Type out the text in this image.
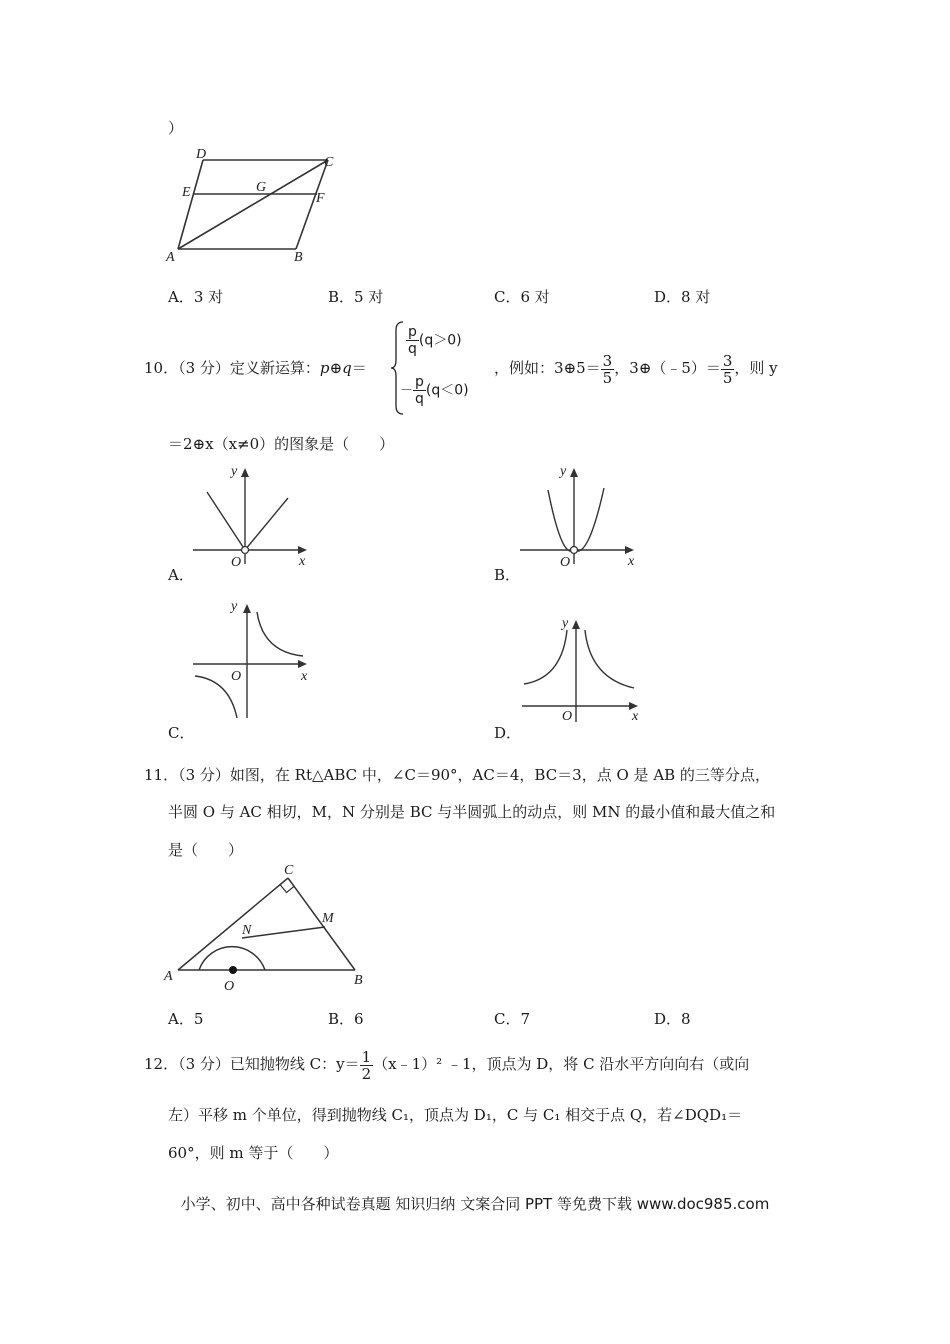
）
D
C
E	G
F
A	B
A．3 对	B．5 对	C．6 对	D．8 对
10．（3 分）定义新运算：p⊕q＝
$\frac{p}{q} (q>0)$
－ $\frac{p}{q} (q<0)$
，例如：3⊕5＝ $\frac{3}{5}$ ，3⊕（﹣5）＝ $\frac{3}{5}$ ，则 y
＝2⊕x（x≠0）的图象是（　　）
y
x
O
A．
y
x
O
B．
y
x
O
C．
y
x
O
D．
11．（3 分）如图，在 Rt△ABC 中，∠C＝90°，AC＝4，BC＝3，点 O 是 AB 的三等分点，
半圆 O 与 AC 相切，M，N 分别是 BC 与半圆弧上的动点，则 MN 的最小值和最大值之和
是（　　）
C
M
N
A
O	B
A．5	B．6	C．7	D．8
12．（3 分）已知抛物线 C：$y= \frac{1}{2}$ （x﹣1）² ﹣1，顶点为 D，将 C 沿水平方向向右（或向
左）平移 m 个单位，得到抛物线 C₁，顶点为 D₁，C 与 C₁ 相交于点 Q，若∠DQD₁＝
60°，则 m 等于（　　）
小学、初中、高中各种试卷真题 知识归纳 文案合同 PPT 等免费下载 www.doc985.com
